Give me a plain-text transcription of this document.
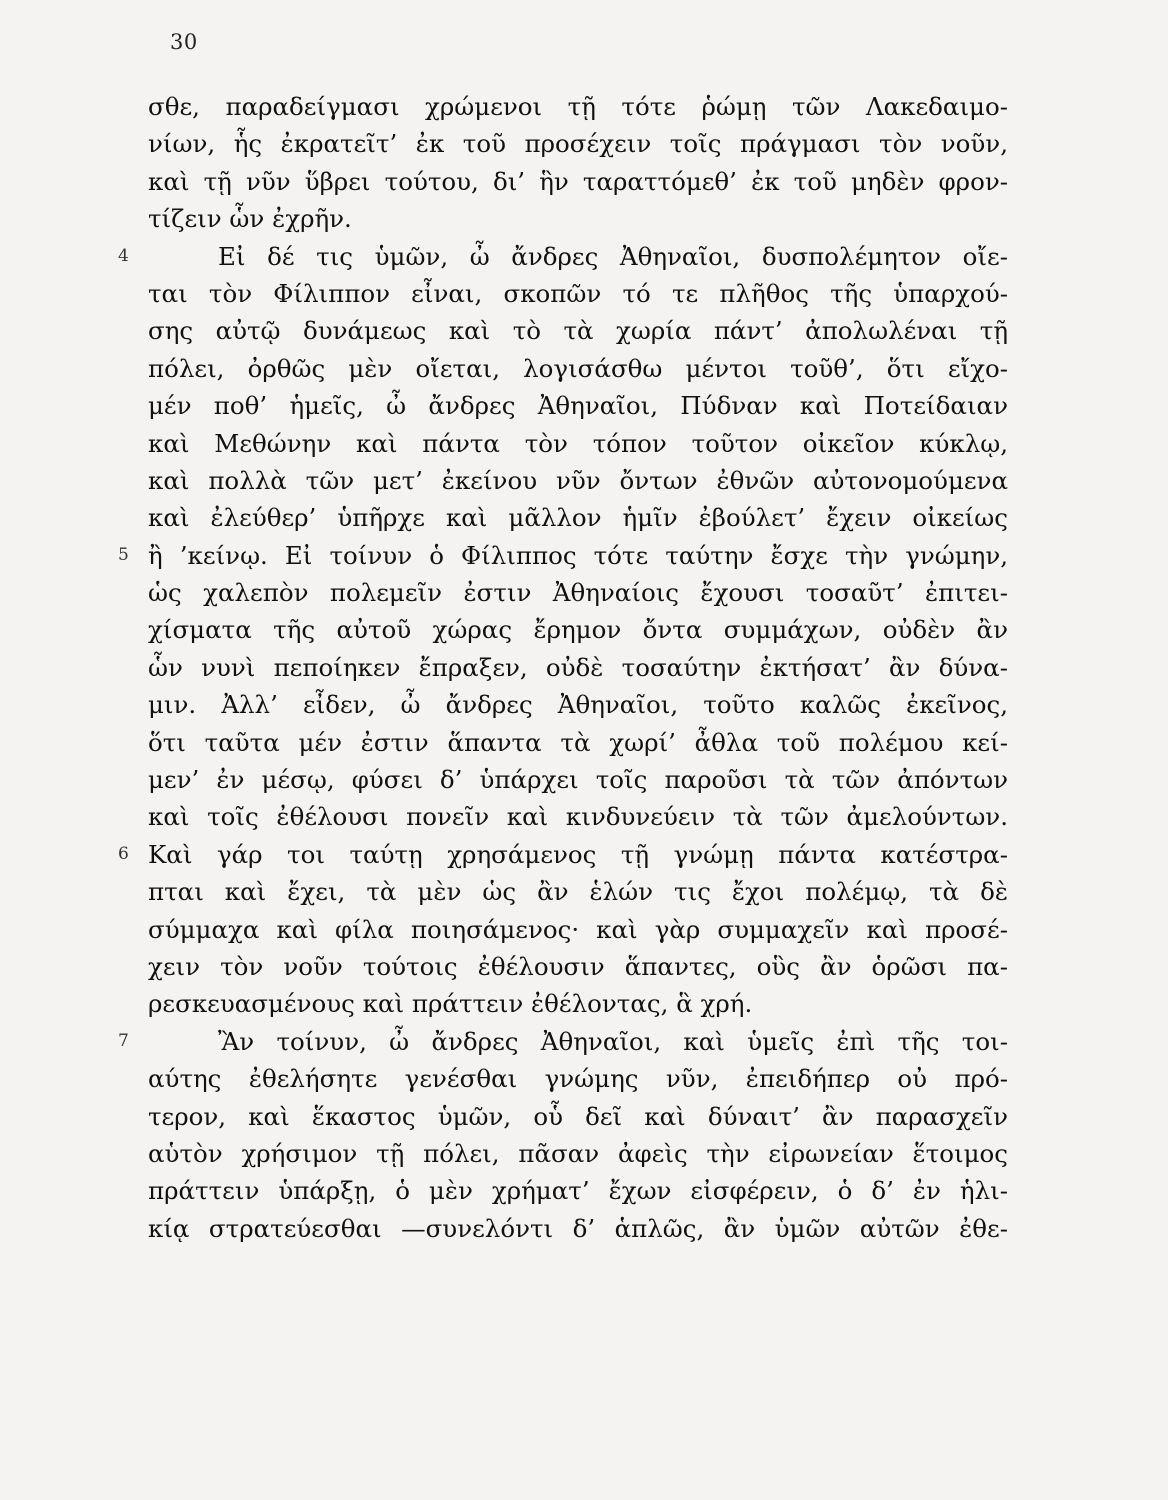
30
σθε, παραδείγμασι χρώμενοι τῇ τότε ῥώμῃ τῶν Λακεδαιμο-
νίων, ἧς ἐκρατεῖτ’ ἐκ τοῦ προσέχειν τοῖς πράγμασι τὸν νοῦν,
καὶ τῇ νῦν ὕβρει τούτου, δι’ ἣν ταραττόμεθ’ ἐκ τοῦ μηδὲν φρον-
τίζειν ὧν ἐχρῆν.
4	Εἰ δέ τις ὑμῶν, ὦ ἄνδρες Ἀθηναῖοι, δυσπολέμητον οἴε-
ται τὸν Φίλιππον εἶναι, σκοπῶν τό τε πλῆθος τῆς ὑπαρχού-
σης αὐτῷ δυνάμεως καὶ τὸ τὰ χωρία πάντ’ ἀπολωλέναι τῇ
πόλει, ὀρθῶς μὲν οἴεται, λογισάσθω μέντοι τοῦθ’, ὅτι εἴχο-
μέν ποθ’ ἡμεῖς, ὦ ἄνδρες Ἀθηναῖοι, Πύδναν καὶ Ποτείδαιαν
καὶ Μεθώνην καὶ πάντα τὸν τόπον τοῦτον οἰκεῖον κύκλῳ,
καὶ πολλὰ τῶν μετ’ ἐκείνου νῦν ὄντων ἐθνῶν αὐτονομούμενα
καὶ ἐλεύθερ’ ὑπῆρχε καὶ μᾶλλον ἡμῖν ἐβούλετ’ ἔχειν οἰκείως
5 ἢ ’κείνῳ. Εἰ τοίνυν ὁ Φίλιππος τότε ταύτην ἔσχε τὴν γνώμην,
ὡς χαλεπὸν πολεμεῖν ἐστιν Ἀθηναίοις ἔχουσι τοσαῦτ’ ἐπιτει-
χίσματα τῆς αὐτοῦ χώρας ἔρημον ὄντα συμμάχων, οὐδὲν ἂν
ὧν νυνὶ πεποίηκεν ἔπραξεν, οὐδὲ τοσαύτην ἐκτήσατ’ ἂν δύνα-
μιν. Ἀλλ’ εἶδεν, ὦ ἄνδρες Ἀθηναῖοι, τοῦτο καλῶς ἐκεῖνος,
ὅτι ταῦτα μέν ἐστιν ἅπαντα τὰ χωρί’ ἆθλα τοῦ πολέμου κεί-
μεν’ ἐν μέσῳ, φύσει δ’ ὑπάρχει τοῖς παροῦσι τὰ τῶν ἀπόντων
καὶ τοῖς ἐθέλουσι πονεῖν καὶ κινδυνεύειν τὰ τῶν ἀμελούντων.
6 Καὶ γάρ τοι ταύτῃ χρησάμενος τῇ γνώμῃ πάντα κατέστρα-
πται καὶ ἔχει, τὰ μὲν ὡς ἂν ἑλών τις ἔχοι πολέμῳ, τὰ δὲ
σύμμαχα καὶ φίλα ποιησάμενος· καὶ γὰρ συμμαχεῖν καὶ προσέ-
χειν τὸν νοῦν τούτοις ἐθέλουσιν ἅπαντες, οὓς ἂν ὁρῶσι πα-
ρεσκευασμένους καὶ πράττειν ἐθέλοντας, ἃ χρή.
7	Ἂν τοίνυν, ὦ ἄνδρες Ἀθηναῖοι, καὶ ὑμεῖς ἐπὶ τῆς τοι-
αύτης ἐθελήσητε γενέσθαι γνώμης νῦν, ἐπειδήπερ οὐ πρό-
τερον, καὶ ἕκαστος ὑμῶν, οὗ δεῖ καὶ δύναιτ’ ἂν παρασχεῖν
αὑτὸν χρήσιμον τῇ πόλει, πᾶσαν ἀφεὶς τὴν εἰρωνείαν ἕτοιμος
πράττειν ὑπάρξῃ, ὁ μὲν χρήματ’ ἔχων εἰσφέρειν, ὁ δ’ ἐν ἡλι-
κίᾳ στρατεύεσθαι —συνελόντι δ’ ἁπλῶς, ἂν ὑμῶν αὐτῶν ἐθε-
